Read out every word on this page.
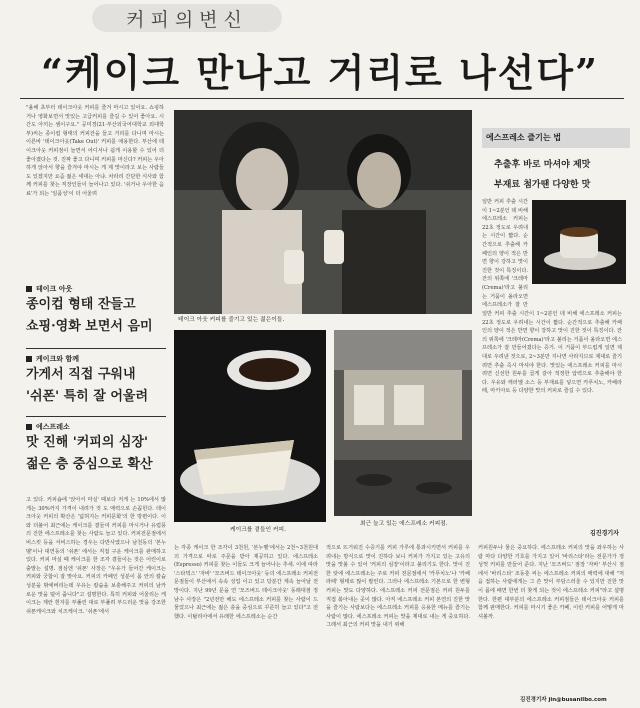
커피의변신
“케이크 만나고 거리로 나선다”
"올해 초부터 테이크아웃 커피를 즐겨 마시고 있어요. 쇼핑하거나 영화보면서 맛있는 고급커피를 즐길 수 있어 좋아요. 시간도 아끼는 셈이구요." 공미경(21·부산외국어대학교 외대학부)씨는 종이컵 형태의 커피잔을 들고 거리를 다니며 마시는 이른바 '테이크아웃(Take Out)' 커피를 애용한다. 부산에 테이크아웃 커피점이 늘면서 어디서나 쉽게 이용할 수 있어 더 좋아졌다는 것. 진짜 좋고 다니며 커피를 마신다? 커피는 우아하게 앉아서 향을 즐겨야 마시는 게 제 맛이라고 보는 사람들도 있겠지만 요즘 젊은 세대는 아냐. 차라리 간단한 식사와 함께 커피를 찾는 직장인들이 늘어나고 있다. '쉬거나 우아한 음료'가 되는 '일품성'이 더 어울려
테이크 아웃
종이컵 형태 잔들고
쇼핑·영화 보면서 음미
케이크와 함께
가게서 직접 구워내
'쉬폰' 특히 잘 어울려
에스프레소
맛 진해 '커피의 심장'
젊은 층 중심으로 확산
고 있다. 커피숍에 '앉아서 마실' 때보다 저게 는 10%에서 많게는 30%까지 가격이 내려가 것 도 매력으로 손꼽힌다. 테이크아웃 커피의 확산은 '넓혀지는 커피문화'의 한 방편이다. 이와 더불어 최근에는 케이크를 곁들여 커피를 마시거나 유럽풍의 진한 에스프레소를 찾는 사람도 늘고 있다. 커피전문점에서 비스킷 등을 서비스하는 경우는 다반사였으나 남천동의 '본누벨'이나 대연동의 '쉬폰' 에서는 직접 구운 케이크를 판매하고 있다. 커피 마실 때 케이크를 한 조각 곁들이는 것은 어린이로 출발는 설명. 점심엔 '쉬폰' 사장은 "우유가 들어간 케이크는 커피와 궁합이 잘 맞아요. 커피의 카페인 성분이 몸 안의 칼슘성분을 밖에버리는데 우유는 칼슘을 보충해주고 커피의 남카로운 맛을 덜어 줍니다"고 설명한다. 특히 커피와 어울리는 케이크는 계란 흰자를 부풀린 대로 부풀려 부드러운 맛을 강조한 쉬폰케이크와 치즈케이크. '쉬폰'에서
테이크 아웃 커피를 즐기고 있는 젊은이들.
케이크를 곁들인 커피.
최근 늘고 있는 에스프레소 커피점.
에스프레소 즐기는 법
추출후 바로 마셔야 제맛
부재료 첨가땐 다양한 맛
일반 커피 추출 시간이 1~2분인 데 비해 에스프레소 커피는 22초 정도로 우려내는 시간이 짧다. 순간적으로 추출해 카페인의 양이 적은 반면 향이 강하고 맛이 진한 것이 특징이다. 잔의 위쪽에 '크레마(Crema)'라고 불리는 거품이 올라오면 에스프레소가 잘 만
일반 커피 추출 시간이 1~2분인 데 비해 에스프레소 커피는 22초 정도로 우려내는 시간이 짧다. 순간적으로 추출해 카페인의 양이 적은 반면 향이 강하고 맛이 진한 것이 특징이다. 잔의 위쪽에 '크레마(Crema)'라고 불리는 거품이 올라오면 에스프레소가 잘 만들어졌다는 증거. 이 거품이 부드럽게 일면 제대로 우려낸 것으로, 2~3분만 지나면 사라지므로 제대로 즐기려면 추출 즉시 마셔야 한다. 맛있는 에스프레소 커피를 마시려면 신선한 원두를 곱게 갈아 적정한 압력으로 추출해야 한다. 우유와 캐러멜 소스 등 부재료를 넣으면 카푸치노, 카페라떼, 마키아토 등 다양한 맛의 커피로 즐길 수 있다.
김진경기자
는 각종 케이크 한 조각이 3천원, '본누벨'에서는 2천~3천원대의 가격으로 따로 주문을 받아 제공하고 있다. 에스프레소(Espresso) 커피를 찾는 이들도 크게 늘어나는 추세. 이에 따라 '스타벅스' '자바' '모즈버드 테이크아웃' 등의 에스프레소 커피전문점들이 부산에서 속속 성업 이고 있고 당분간 계속 늘어날 전망이다. 지난 99년 문을 연 '모즈버드 테이크아웃' 동래대점 정남수 사장은 "2년전만 해도 에스프레소 커피를 찾는 사람이 드물었으나 최근에는 젊은 층을 중심으로 꾸준히 늘고 있다"고 전했다. 이탈리아에서 유래한 에스프레소는 순간
적으로 뜨거워진 수증기를 커피 가루에 통과시키면서 커피를 우려내는 방식으로 맛이 진하다 보니 커피가 가지고 있는 고유의 맛을 맛볼 수 있어 '커피의 심장'이라고 불리기도 한다. 맛이 진한 탓에 에스프레소는 주로 커피 전문점에서 '카푸치노'나 '카페라떼' 형태로 많이 팔린다. 그러나 에스프레소 기본으로 한 변형 커피는 맛도 다양하다. 에스프레소 커피 전문점은 커피 원두를 직접 볶아내는 곳이 많다. 아직 에스프레소 커피 본연의 진한 맛을 즐기는 사람보다는 에스프레소 커피를 응용한 메뉴를 즐기는 사람이 많다. 에스프레소 커피는 맛을 제대로 내는 게 중요하다. 그래서 최근의 커피 맛을 내기 위해
커피원두나 물은 중요하다. 에스프레소 커피의 맛을 좌우하는 사람 마다 다양한 기호를 가지고 있어 '바리스타'라는 전문가가 정성껏 커피를 만들어 준다. 지난 '모즈버드' 점장 '자바' 부산시 점에서 '바리스타' 조동훈 씨는 에스프레소 커피의 매력에 대해 "처음 접하는 사람에게는 그 쓴 맛이 부담스러울 수 있지만 진한 맛이 몸에 배면 한번 더 찾게 되는 것이 에스프레소 커피"라고 설명한다. 한편 대부분의 에스프레소 커피점들은 테이크아웃 커피를 함께 판매한다. 커피를 마시기 좋은 카페, 이런 커피를 어떻게 마셔볼까.
김진경기자 jin@busanilbo.com
